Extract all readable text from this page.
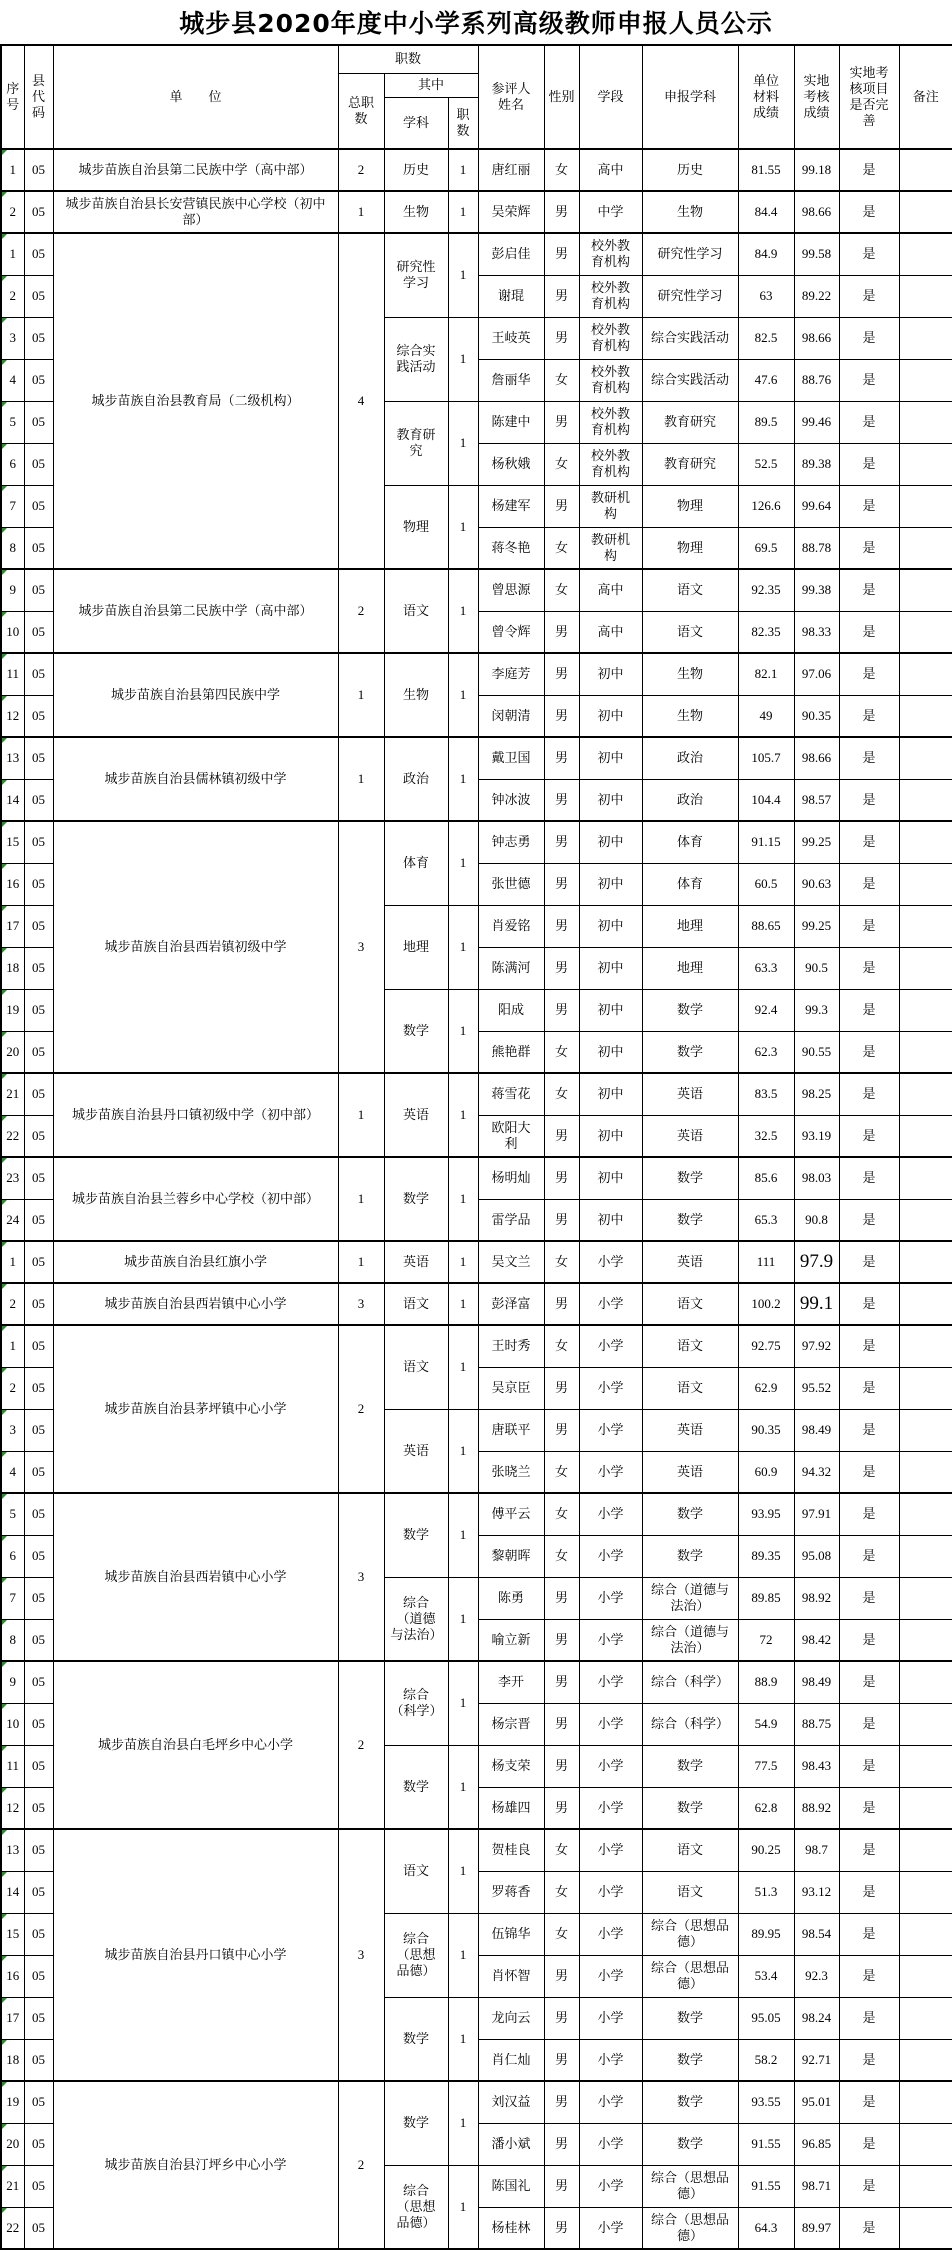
城步县2020年度中小学系列高级教师申报人员公示
序号	县代码	单　　位	职数			参评人姓名	性别	学段	申报学科	单位材料成绩	实地考核成绩	实地考核项目是否完善	备注
			总职数	其中									
				学科	职数								
1	05	城步苗族自治县第二民族中学（高中部）	2	历史	1	唐红丽	女	高中	历史	81.55	99.18	是	
2	05	城步苗族自治县长安营镇民族中心学校（初中部）	1	生物	1	吴荣辉	男	中学	生物	84.4	98.66	是	
1	05	城步苗族自治县教育局（二级机构）	4	研究性学习	1	彭启佳	男	校外教育机构	研究性学习	84.9	99.58	是	
2	05					谢琨	男	校外教育机构	研究性学习	63	89.22	是	
3	05			综合实践活动	1	王岐英	男	校外教育机构	综合实践活动	82.5	98.66	是	
4	05					詹丽华	女	校外教育机构	综合实践活动	47.6	88.76	是	
5	05			教育研究	1	陈建中	男	校外教育机构	教育研究	89.5	99.46	是	
6	05					杨秋娥	女	校外教育机构	教育研究	52.5	89.38	是	
7	05			物理	1	杨建军	男	教研机构	物理	126.6	99.64	是	
8	05					蒋冬艳	女	教研机构	物理	69.5	88.78	是	
9	05	城步苗族自治县第二民族中学（高中部）	2	语文	1	曾思源	女	高中	语文	92.35	99.38	是	
10	05					曾令辉	男	高中	语文	82.35	98.33	是	
11	05	城步苗族自治县第四民族中学	1	生物	1	李庭芳	男	初中	生物	82.1	97.06	是	
12	05					闵朝清	男	初中	生物	49	90.35	是	
13	05	城步苗族自治县儒林镇初级中学	1	政治	1	戴卫国	男	初中	政治	105.7	98.66	是	
14	05					钟冰波	男	初中	政治	104.4	98.57	是	
15	05	城步苗族自治县西岩镇初级中学	3	体育	1	钟志勇	男	初中	体育	91.15	99.25	是	
16	05					张世德	男	初中	体育	60.5	90.63	是	
17	05			地理	1	肖爱铭	男	初中	地理	88.65	99.25	是	
18	05					陈满河	男	初中	地理	63.3	90.5	是	
19	05			数学	1	阳成	男	初中	数学	92.4	99.3	是	
20	05					熊艳群	女	初中	数学	62.3	90.55	是	
21	05	城步苗族自治县丹口镇初级中学（初中部）	1	英语	1	蒋雪花	女	初中	英语	83.5	98.25	是	
22	05					欧阳大利	男	初中	英语	32.5	93.19	是	
23	05	城步苗族自治县兰蓉乡中心学校（初中部）	1	数学	1	杨明灿	男	初中	数学	85.6	98.03	是	
24	05					雷学品	男	初中	数学	65.3	90.8	是	
1	05	城步苗族自治县红旗小学	1	英语	1	吴文兰	女	小学	英语	111	97.9	是	
2	05	城步苗族自治县西岩镇中心小学	3	语文	1	彭泽富	男	小学	语文	100.2	99.1	是	
1	05	城步苗族自治县茅坪镇中心小学	2	语文	1	王时秀	女	小学	语文	92.75	97.92	是	
2	05					吴京臣	男	小学	语文	62.9	95.52	是	
3	05			英语	1	唐联平	男	小学	英语	90.35	98.49	是	
4	05					张晓兰	女	小学	英语	60.9	94.32	是	
5	05	城步苗族自治县西岩镇中心小学	3	数学	1	傅平云	女	小学	数学	93.95	97.91	是	
6	05					黎朝晖	女	小学	数学	89.35	95.08	是	
7	05			综合（道德与法治）	1	陈勇	男	小学	综合（道德与法治）	89.85	98.92	是	
8	05					喻立新	男	小学	综合（道德与法治）	72	98.42	是	
9	05	城步苗族自治县白毛坪乡中心小学	2	综合（科学）	1	李开	男	小学	综合（科学）	88.9	98.49	是	
10	05					杨宗晋	男	小学	综合（科学）	54.9	88.75	是	
11	05			数学	1	杨支荣	男	小学	数学	77.5	98.43	是	
12	05					杨雄四	男	小学	数学	62.8	88.92	是	
13	05	城步苗族自治县丹口镇中心小学	3	语文	1	贺桂良	女	小学	语文	90.25	98.7	是	
14	05					罗蒋香	女	小学	语文	51.3	93.12	是	
15	05			综合（思想品德）	1	伍锦华	女	小学	综合（思想品德）	89.95	98.54	是	
16	05					肖怀智	男	小学	综合（思想品德）	53.4	92.3	是	
17	05			数学	1	龙向云	男	小学	数学	95.05	98.24	是	
18	05					肖仁灿	男	小学	数学	58.2	92.71	是	
19	05	城步苗族自治县汀坪乡中心小学	2	数学	1	刘汉益	男	小学	数学	93.55	95.01	是	
20	05					潘小斌	男	小学	数学	91.55	96.85	是	
21	05			综合（思想品德）	1	陈国礼	男	小学	综合（思想品德）	91.55	98.71	是	
22	05					杨桂林	男	小学	综合（思想品德）	64.3	89.97	是	
